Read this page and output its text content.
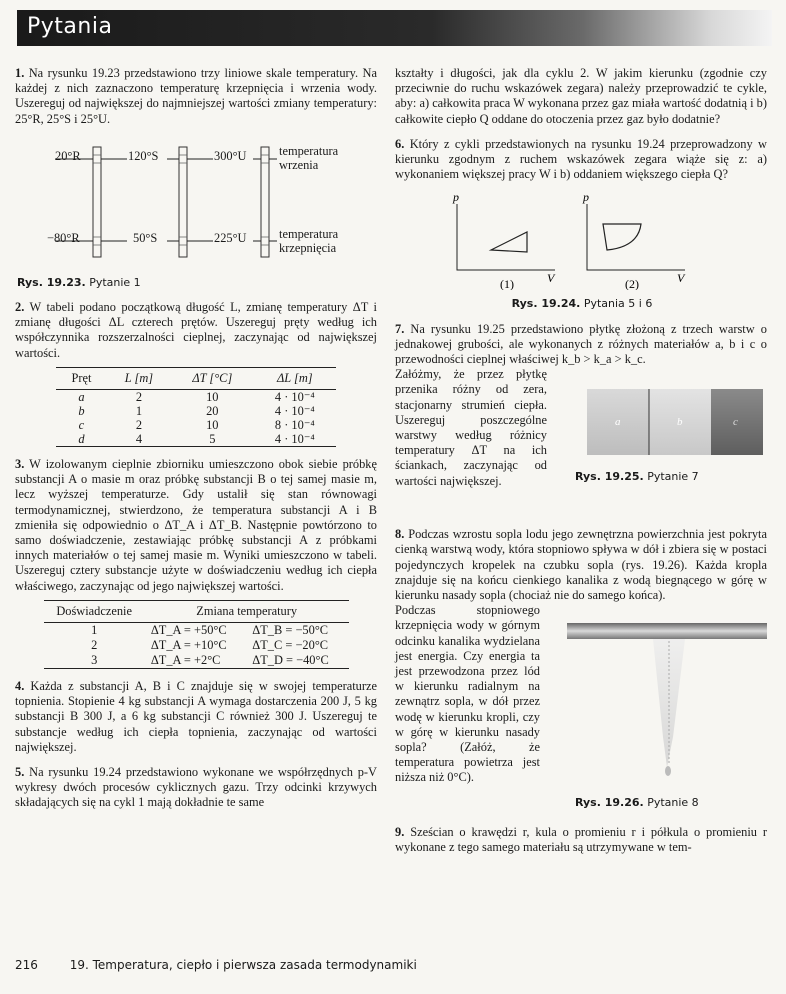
Pytania

1. Na rysunku 19.23 przedstawiono trzy liniowe skale temperatury. Na każdej z nich zaznaczono temperaturę krzepnięcia i wrzenia wody. Uszereguj od największej do najmniejszej wartości zmiany temperatury: 25°R, 25°S i 25°U.

20°R	120°S	300°U
−80°R	50°S	225°U
temperatura wrzenia
temperatura krzepnięcia
Rys. 19.23. Pytanie 1

2. W tabeli podano początkową długość L, zmianę temperatury ΔT i zmianę długości ΔL czterech prętów. Uszereguj pręty według ich współczynnika rozszerzalności cieplnej, zaczynając od największej wartości.

Pręt	L [m]	ΔT [°C]	ΔL [m]
a	2	10	4 · 10⁻⁴
b	1	20	4 · 10⁻⁴
c	2	10	8 · 10⁻⁴
d	4	5	4 · 10⁻⁴

3. W izolowanym cieplnie zbiorniku umieszczono obok siebie próbkę substancji A o masie m oraz próbkę substancji B o tej samej masie m, lecz wyższej temperaturze. Gdy ustalił się stan równowagi termodynamicznej, stwierdzono, że temperatura substancji A i B zmieniła się odpowiednio o ΔT_A i ΔT_B. Następnie powtórzono to samo doświadczenie, zestawiając próbkę substancji A z próbkami innych materiałów o tej samej masie m. Wyniki umieszczono w tabeli. Uszereguj cztery substancje użyte w doświadczeniu według ich ciepła właściwego, zaczynając od jego największej wartości.

Doświadczenie	Zmiana temperatury	
1	ΔT_A = +50°C	ΔT_B = −50°C
2	ΔT_A = +10°C	ΔT_C = −20°C
3	ΔT_A = +2°C	ΔT_D = −40°C

4. Każda z substancji A, B i C znajduje się w swojej temperaturze topnienia. Stopienie 4 kg substancji A wymaga dostarczenia 200 J, 5 kg substancji B 300 J, a 6 kg substancji C również 300 J. Uszereguj te substancje według ich ciepła topnienia, zaczynając od wartości największej.

5. Na rysunku 19.24 przedstawiono wykonane we współrzędnych p-V wykresy dwóch procesów cyklicznych gazu. Trzy odcinki krzywych składających się na cykl 1 mają dokładnie te same

kształty i długości, jak dla cyklu 2. W jakim kierunku (zgodnie czy przeciwnie do ruchu wskazówek zegara) należy przeprowadzić te cykle, aby: a) całkowita praca W wykonana przez gaz miała wartość dodatnią i b) całkowite ciepło Q oddane do otoczenia przez gaz było dodatnie?

6. Który z cykli przedstawionych na rysunku 19.24 przeprowadzony w kierunku zgodnym z ruchem wskazówek zegara wiąże się z: a) wykonaniem większej pracy W i b) oddaniem większego ciepła Q?

p	p
V	V
(1)	(2)
Rys. 19.24. Pytania 5 i 6

7. Na rysunku 19.25 przedstawiono płytkę złożoną z trzech warstw o jednakowej grubości, ale wykonanych z różnych materiałów a, b i c o przewodności cieplnej właściwej k_b > k_a > k_c.

Załóżmy, że przez płytkę przenika różny od zera, stacjonarny strumień ciepła. Uszereguj poszczególne warstwy według różnicy temperatury ΔT na ich ściankach, zaczynając od wartości największej.

a	b	c
Rys. 19.25. Pytanie 7

8. Podczas wzrostu sopla lodu jego zewnętrzna powierzchnia jest pokryta cienką warstwą wody, która stopniowo spływa w dół i zbiera się w postaci pojedynczych kropelek na czubku sopla (rys. 19.26). Każda kropla znajduje się na końcu cienkiego kanalika z wodą biegnącego w górę w kierunku nasady sopla (chociaż nie do samego końca).

Podczas stopniowego krzepnięcia wody w górnym odcinku kanalika wydzielana jest energia. Czy energia ta jest przewodzona przez lód w kierunku radialnym na zewnątrz sopla, w dół przez wodę w kierunku kropli, czy w górę w kierunku nasady sopla? (Załóż, że temperatura powietrza jest niższa niż 0°C).

Rys. 19.26. Pytanie 8

9. Sześcian o krawędzi r, kula o promieniu r i półkula o promieniu r wykonane z tego samego materiału są utrzymywane w tem-

216	19. Temperatura, ciepło i pierwsza zasada termodynamiki
